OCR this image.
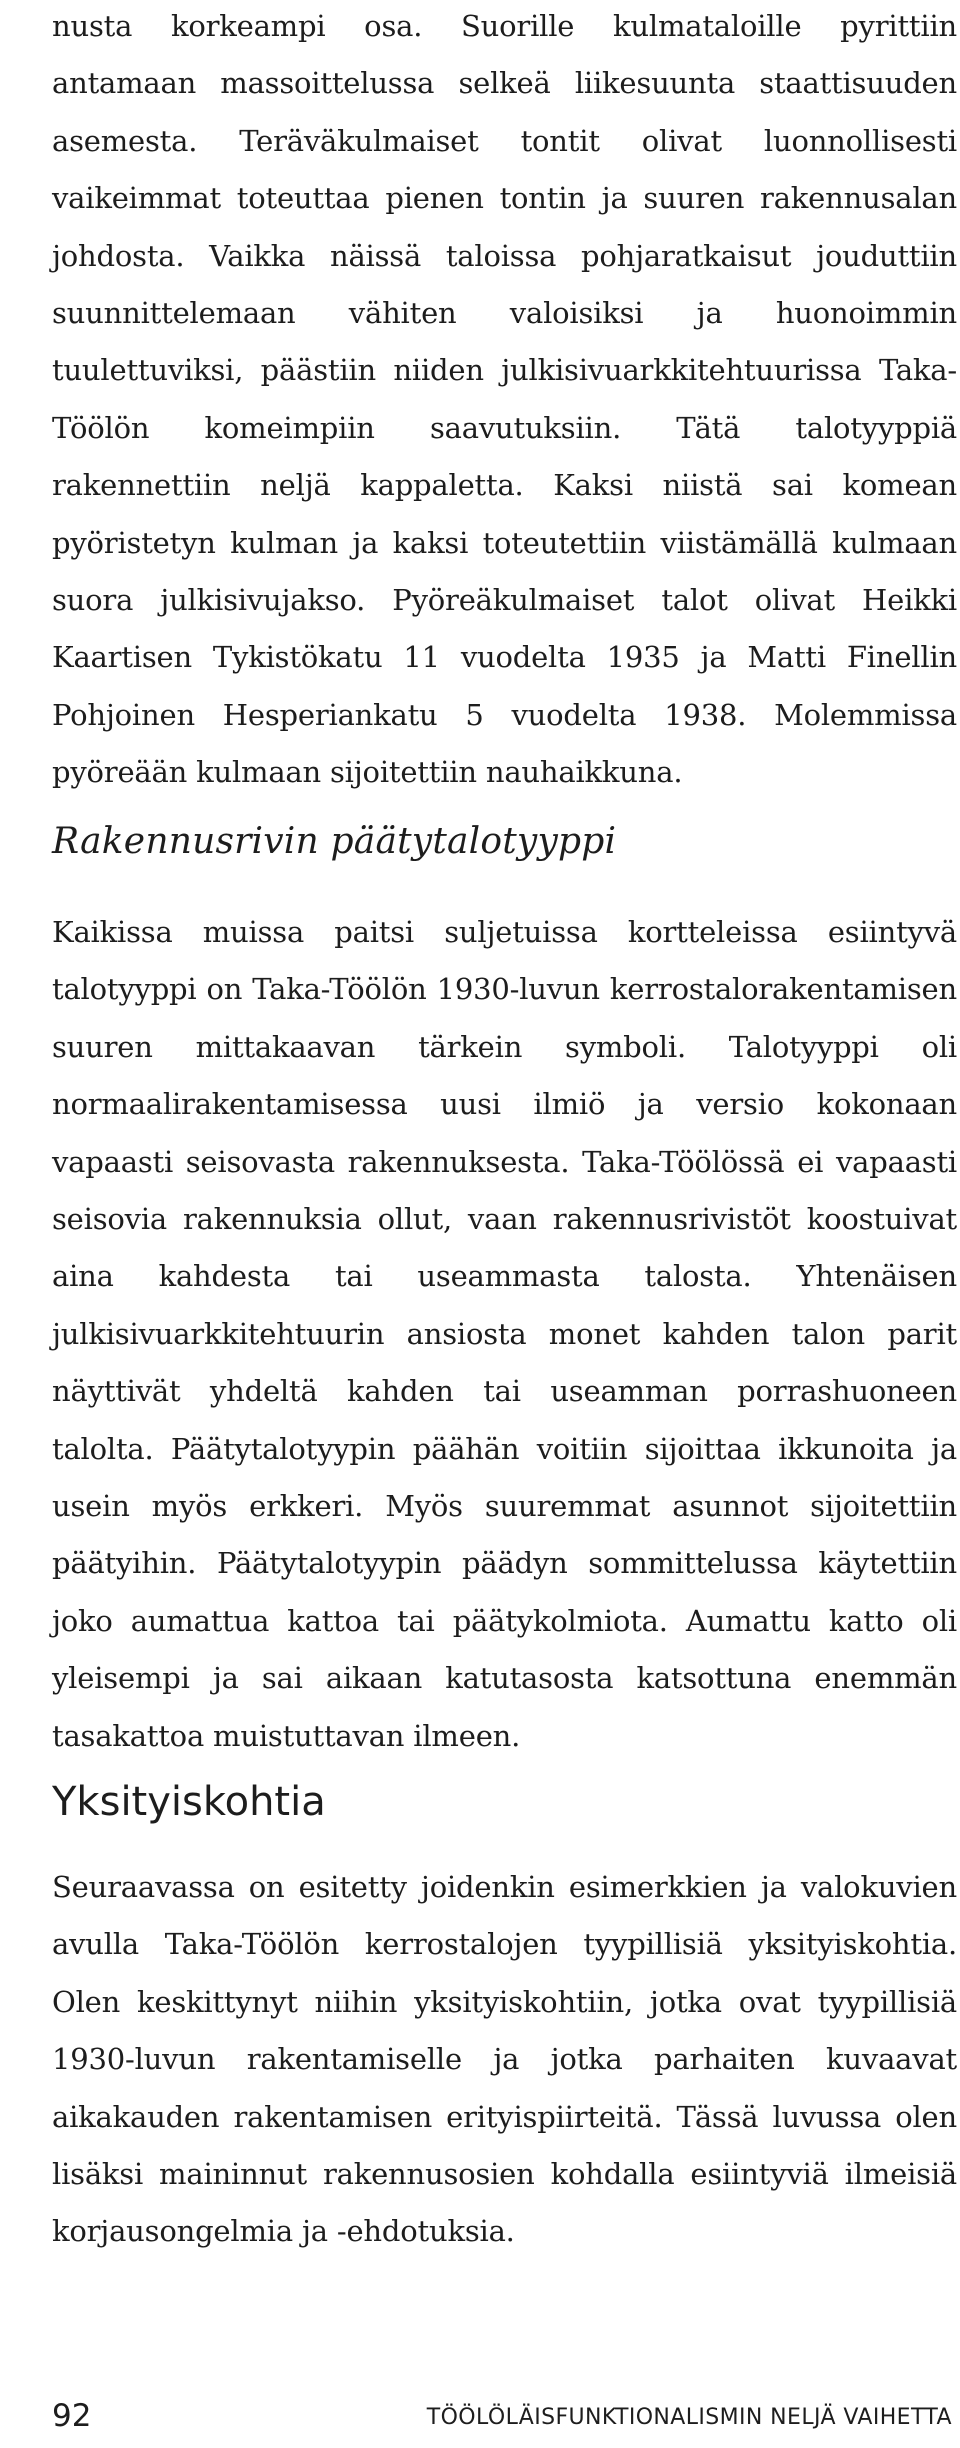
nusta korkeampi osa. Suorille kulmataloille pyrittiin antamaan massoittelussa selkeä liikesuunta staattisuuden asemesta. Teräväkulmaiset tontit olivat luonnollisesti vaikeimmat toteuttaa pienen tontin ja suuren rakennusalan johdosta. Vaikka näissä taloissa pohjaratkaisut jouduttiin suunnittelemaan vähiten valoisiksi ja huonoimmin tuulettuviksi, päästiin niiden julkisivuarkkitehtuurissa Taka-Töölön komeimpiin saavutuksiin. Tätä talotyyppiä rakennettiin neljä kappaletta. Kaksi niistä sai komean pyöristetyn kulman ja kaksi toteutettiin viistämällä kulmaan suora julkisivujakso. Pyöreäkulmaiset talot olivat Heikki Kaartisen Tykistökatu 11 vuodelta 1935 ja Matti Finellin Pohjoinen Hesperiankatu 5 vuodelta 1938. Molemmissa pyöreään kulmaan sijoitettiin nauhaikkuna.

Rakennusrivin päätytalotyyppi

Kaikissa muissa paitsi suljetuissa kortteleissa esiintyvä talotyyppi on Taka-Töölön 1930-luvun kerrostalorakentamisen suuren mittakaavan tärkein symboli. Talotyyppi oli normaalirakentamisessa uusi ilmiö ja versio kokonaan vapaasti seisovasta rakennuksesta. Taka-Töölössä ei vapaasti seisovia rakennuksia ollut, vaan rakennusrivistöt koostuivat aina kahdesta tai useammasta talosta. Yhtenäisen julkisivuarkkitehtuurin ansiosta monet kahden talon parit näyttivät yhdeltä kahden tai useamman porrashuoneen talolta. Päätytalotyypin päähän voitiin sijoittaa ikkunoita ja usein myös erkkeri. Myös suuremmat asunnot sijoitettiin päätyihin. Päätytalotyypin päädyn sommittelussa käytettiin joko aumattua kattoa tai päätykolmiota. Aumattu katto oli yleisempi ja sai aikaan katutasosta katsottuna enemmän tasakattoa muistuttavan ilmeen.

Yksityiskohtia

Seuraavassa on esitetty joidenkin esimerkkien ja valokuvien avulla Taka-Töölön kerrostalojen tyypillisiä yksityiskohtia. Olen keskittynyt niihin yksityiskohtiin, jotka ovat tyypillisiä 1930-luvun rakentamiselle ja jotka parhaiten kuvaavat aikakauden rakentamisen erityispiirteitä. Tässä luvussa olen lisäksi maininnut rakennusosien kohdalla esiintyviä ilmeisiä korjausongelmia ja -ehdotuksia.

92	TÖÖLÖLÄISFUNKTIONALISMIN NELJÄ VAIHETTA
